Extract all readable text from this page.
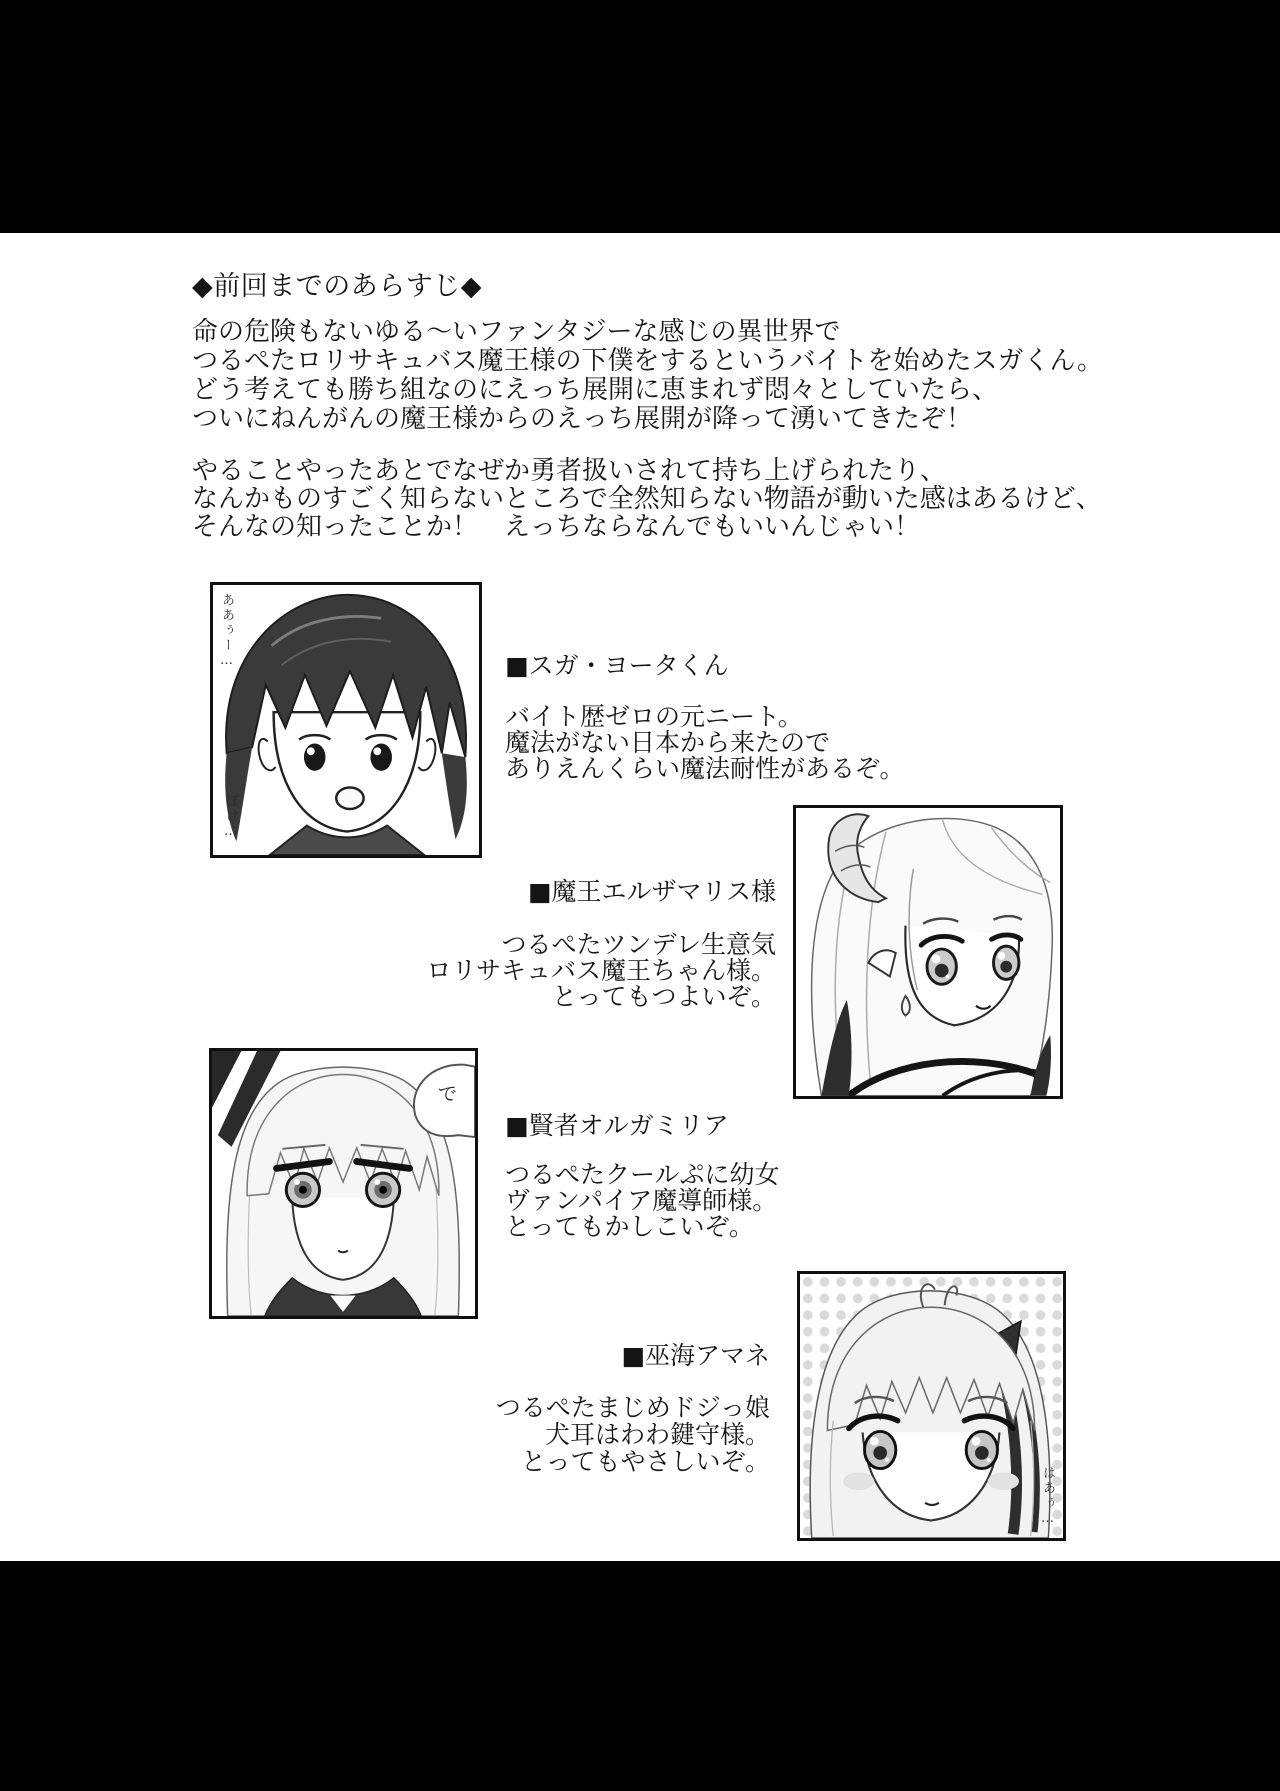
◆前回までのあらすじ◆
命の危険もないゆる～いファンタジーな感じの異世界で
つるぺたロリサキュバス魔王様の下僕をするというバイトを始めたスガくん。
どう考えても勝ち組なのにえっち展開に恵まれず悶々としていたら、
ついにねんがんの魔王様からのえっち展開が降って湧いてきたぞ！
やることやったあとでなぜか勇者扱いされて持ち上げられたり、
なんかものすごく知らないところで全然知らない物語が動いた感はあるけど、
そんなの知ったことか！　えっちならなんでもいいんじゃい！
ああぅー…
ぽけ…
■スガ・ヨータくん
バイト歴ゼロの元ニート。
魔法がない日本から来たので
ありえんくらい魔法耐性があるぞ。
■魔王エルザマリス様
つるぺたツンデレ生意気
ロリサキュバス魔王ちゃん様。
とってもつよいぞ。
で
■賢者オルガミリア
つるぺたクールぷに幼女
ヴァンパイア魔導師様。
とってもかしこいぞ。
はあぅ…
■巫海アマネ
つるぺたまじめドジっ娘
犬耳はわわ鍵守様。
とってもやさしいぞ。
